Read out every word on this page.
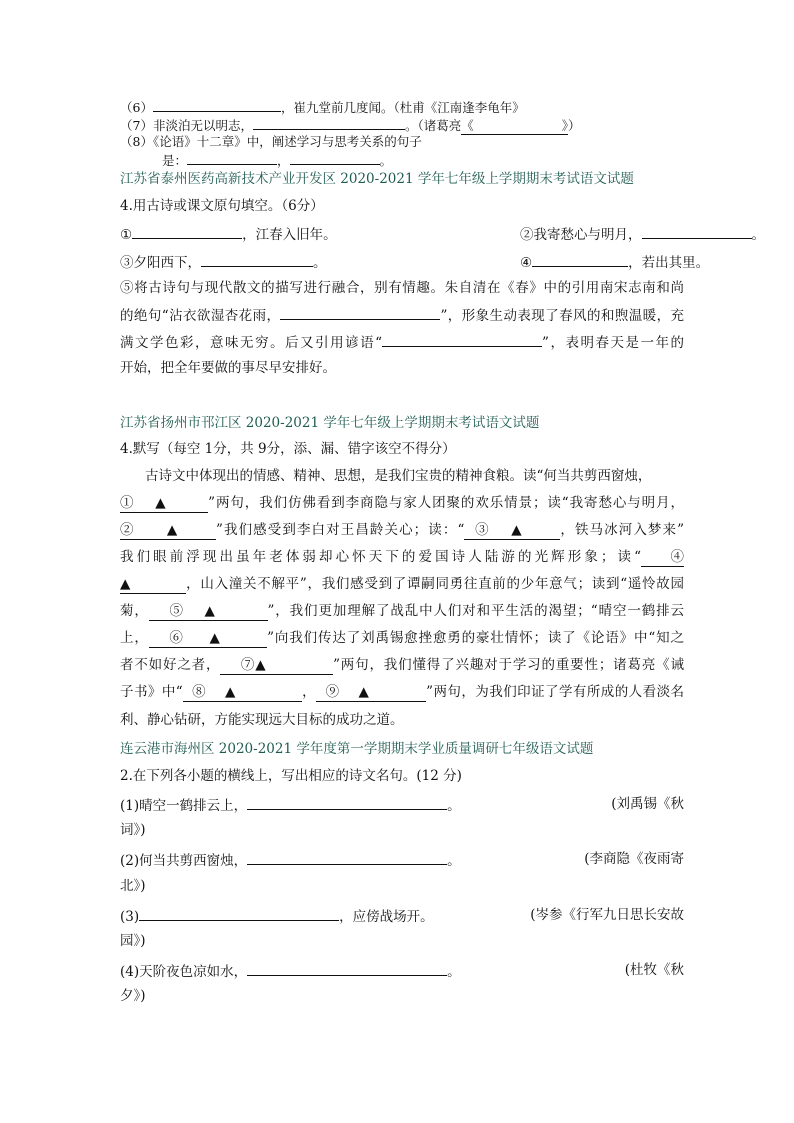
（6）	，崔九堂前几度闻。（杜甫《江南逢李龟年》
（7）非淡泊无以明志，	。（诸葛亮《	》）
（8）《论语》十二章》中，阐述学习与思考关系的句子
是：	，	。
江苏省泰州医药高新技术产业开发区 2020-2021 学年七年级上学期期末考试语文试题
4.用古诗或课文原句填空。（6分）
①	，江春入旧年。	②我寄愁心与明月，	。
③夕阳西下，	。	④	，若出其里。
⑤将古诗句与现代散文的描写进行融合，别有情趣。朱自清在《春》中的引用南宋志南和尚
的绝句“沾衣欲湿杏花雨，	”，形象生动表现了春风的和煦温暖，充
满文学色彩，意味无穷。后又引用谚语“	”，表明春天是一年的
开始，把全年要做的事尽早安排好。
江苏省扬州市邗江区 2020-2021 学年七年级上学期期末考试语文试题
4.默写（每空 1分，共 9分，添、漏、错字该空不得分）
古诗文中体现出的情感、精神、思想，是我们宝贵的精神食粮。读“何当共剪西窗烛，
①    ▲        ”两句，我们仿佛看到李商隐与家人团聚的欢乐情景；读“我寄愁心与明月，
②      ▲       ”我们感受到李白对王昌龄关心；读：“  ③    ▲       ，铁马冰河入梦来”
我们眼前浮现出虽年老体弱却心怀天下的爱国诗人陆游的光辉形象；读“    ④
▲           ，山入潼关不解平”，我们感受到了谭嗣同勇往直前的少年意气；读到“遥怜故园
菊，    ⑤    ▲          ”，我们更加理解了战乱中人们对和平生活的渴望；“晴空一鹤排云
上，    ⑥     ▲         ”向我们传达了刘禹锡愈挫愈勇的豪壮情怀；读了《论语》中“知之
者不如好之者，    ⑦▲             ”两句，我们懂得了兴趣对于学习的重要性；诸葛亮《诫
子书》中“  ⑧    ▲              ，  ⑨    ▲            ”两句，为我们印证了学有所成的人看淡名
利、静心钻研，方能实现远大目标的成功之道。
连云港市海州区 2020-2021 学年度第一学期期末学业质量调研七年级语文试题
2.在下列各小题的横线上，写出相应的诗文名句。(12 分)
(1)晴空一鹤排云上，	。	(刘禹锡《秋
词》)
(2)何当共剪西窗烛，	。	(李商隐《夜雨寄
北》)
(3)	，应傍战场开。	(岑参《行军九日思长安故
园》)
(4)天阶夜色凉如水，	。	(杜牧《秋
夕》)
